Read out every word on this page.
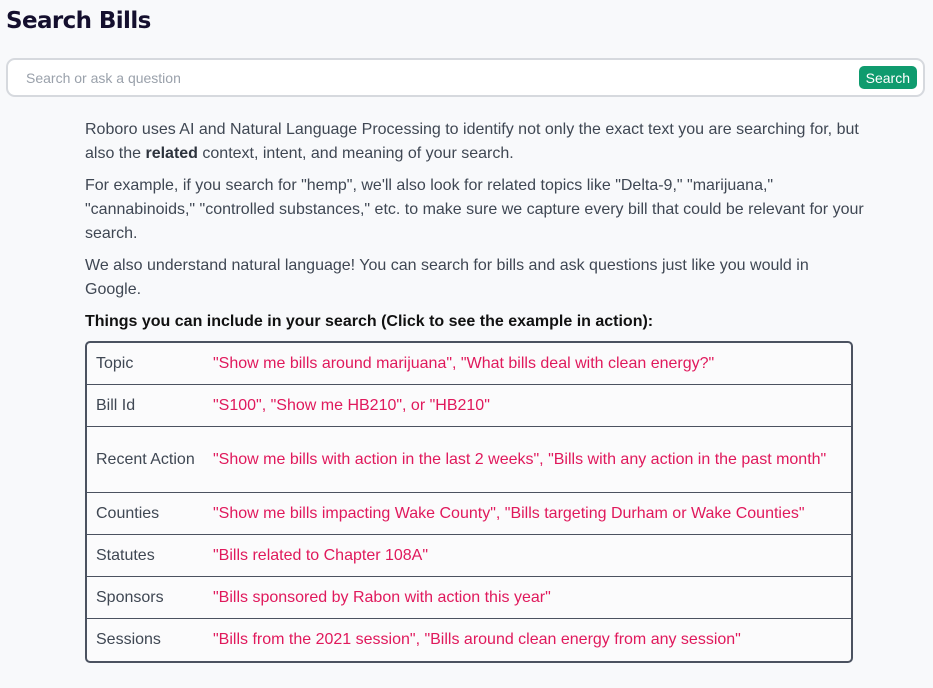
Search Bills
Search or ask a question
Search

Roboro uses AI and Natural Language Processing to identify not only the exact text you are searching for, but also the related context, intent, and meaning of your search.

For example, if you search for "hemp", we'll also look for related topics like "Delta-9," "marijuana," "cannabinoids," "controlled substances," etc. to make sure we capture every bill that could be relevant for your search.

We also understand natural language! You can search for bills and ask questions just like you would in Google.

Things you can include in your search (Click to see the example in action):
Topic	"Show me bills around marijuana", "What bills deal with clean energy?"
Bill Id	"S100", "Show me HB210", or "HB210"
Recent Action	"Show me bills with action in the last 2 weeks", "Bills with any action in the past month"
Counties	"Show me bills impacting Wake County", "Bills targeting Durham or Wake Counties"
Statutes	"Bills related to Chapter 108A"
Sponsors	"Bills sponsored by Rabon with action this year"
Sessions	"Bills from the 2021 session", "Bills around clean energy from any session"
